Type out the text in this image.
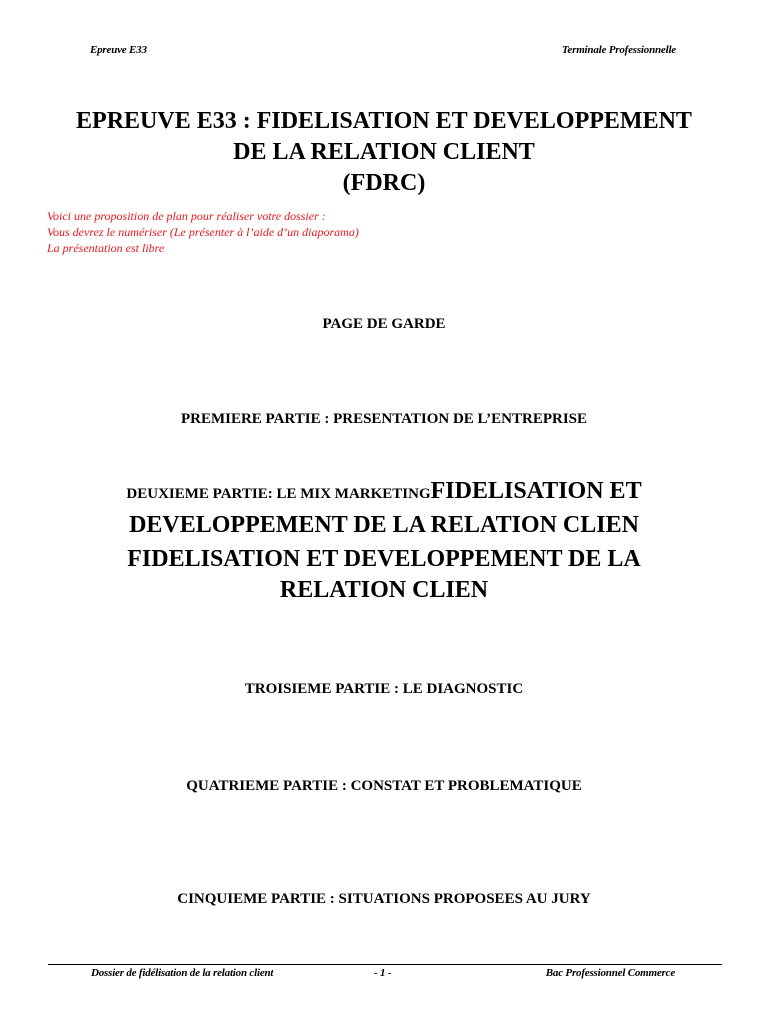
Epreuve E33	Terminale Professionnelle
EPREUVE E33 : FIDELISATION ET DEVELOPPEMENT
DE LA RELATION CLIENT
(FDRC)
Voici une proposition de plan pour réaliser votre dossier :
Vous devrez le numériser (Le présenter à l’aide d’un diaporama)
La présentation est libre
PAGE DE GARDE
PREMIERE PARTIE : PRESENTATION DE L’ENTREPRISE
DEUXIEME PARTIE: LE MIX MARKETINGFIDELISATION ET
DEVELOPPEMENT DE LA RELATION CLIEN
FIDELISATION ET DEVELOPPEMENT DE LA
RELATION CLIEN
TROISIEME PARTIE : LE DIAGNOSTIC
QUATRIEME PARTIE : CONSTAT ET PROBLEMATIQUE
CINQUIEME PARTIE : SITUATIONS PROPOSEES AU JURY
Dossier de fidélisation de la relation client	- 1 -	Bac Professionnel Commerce
